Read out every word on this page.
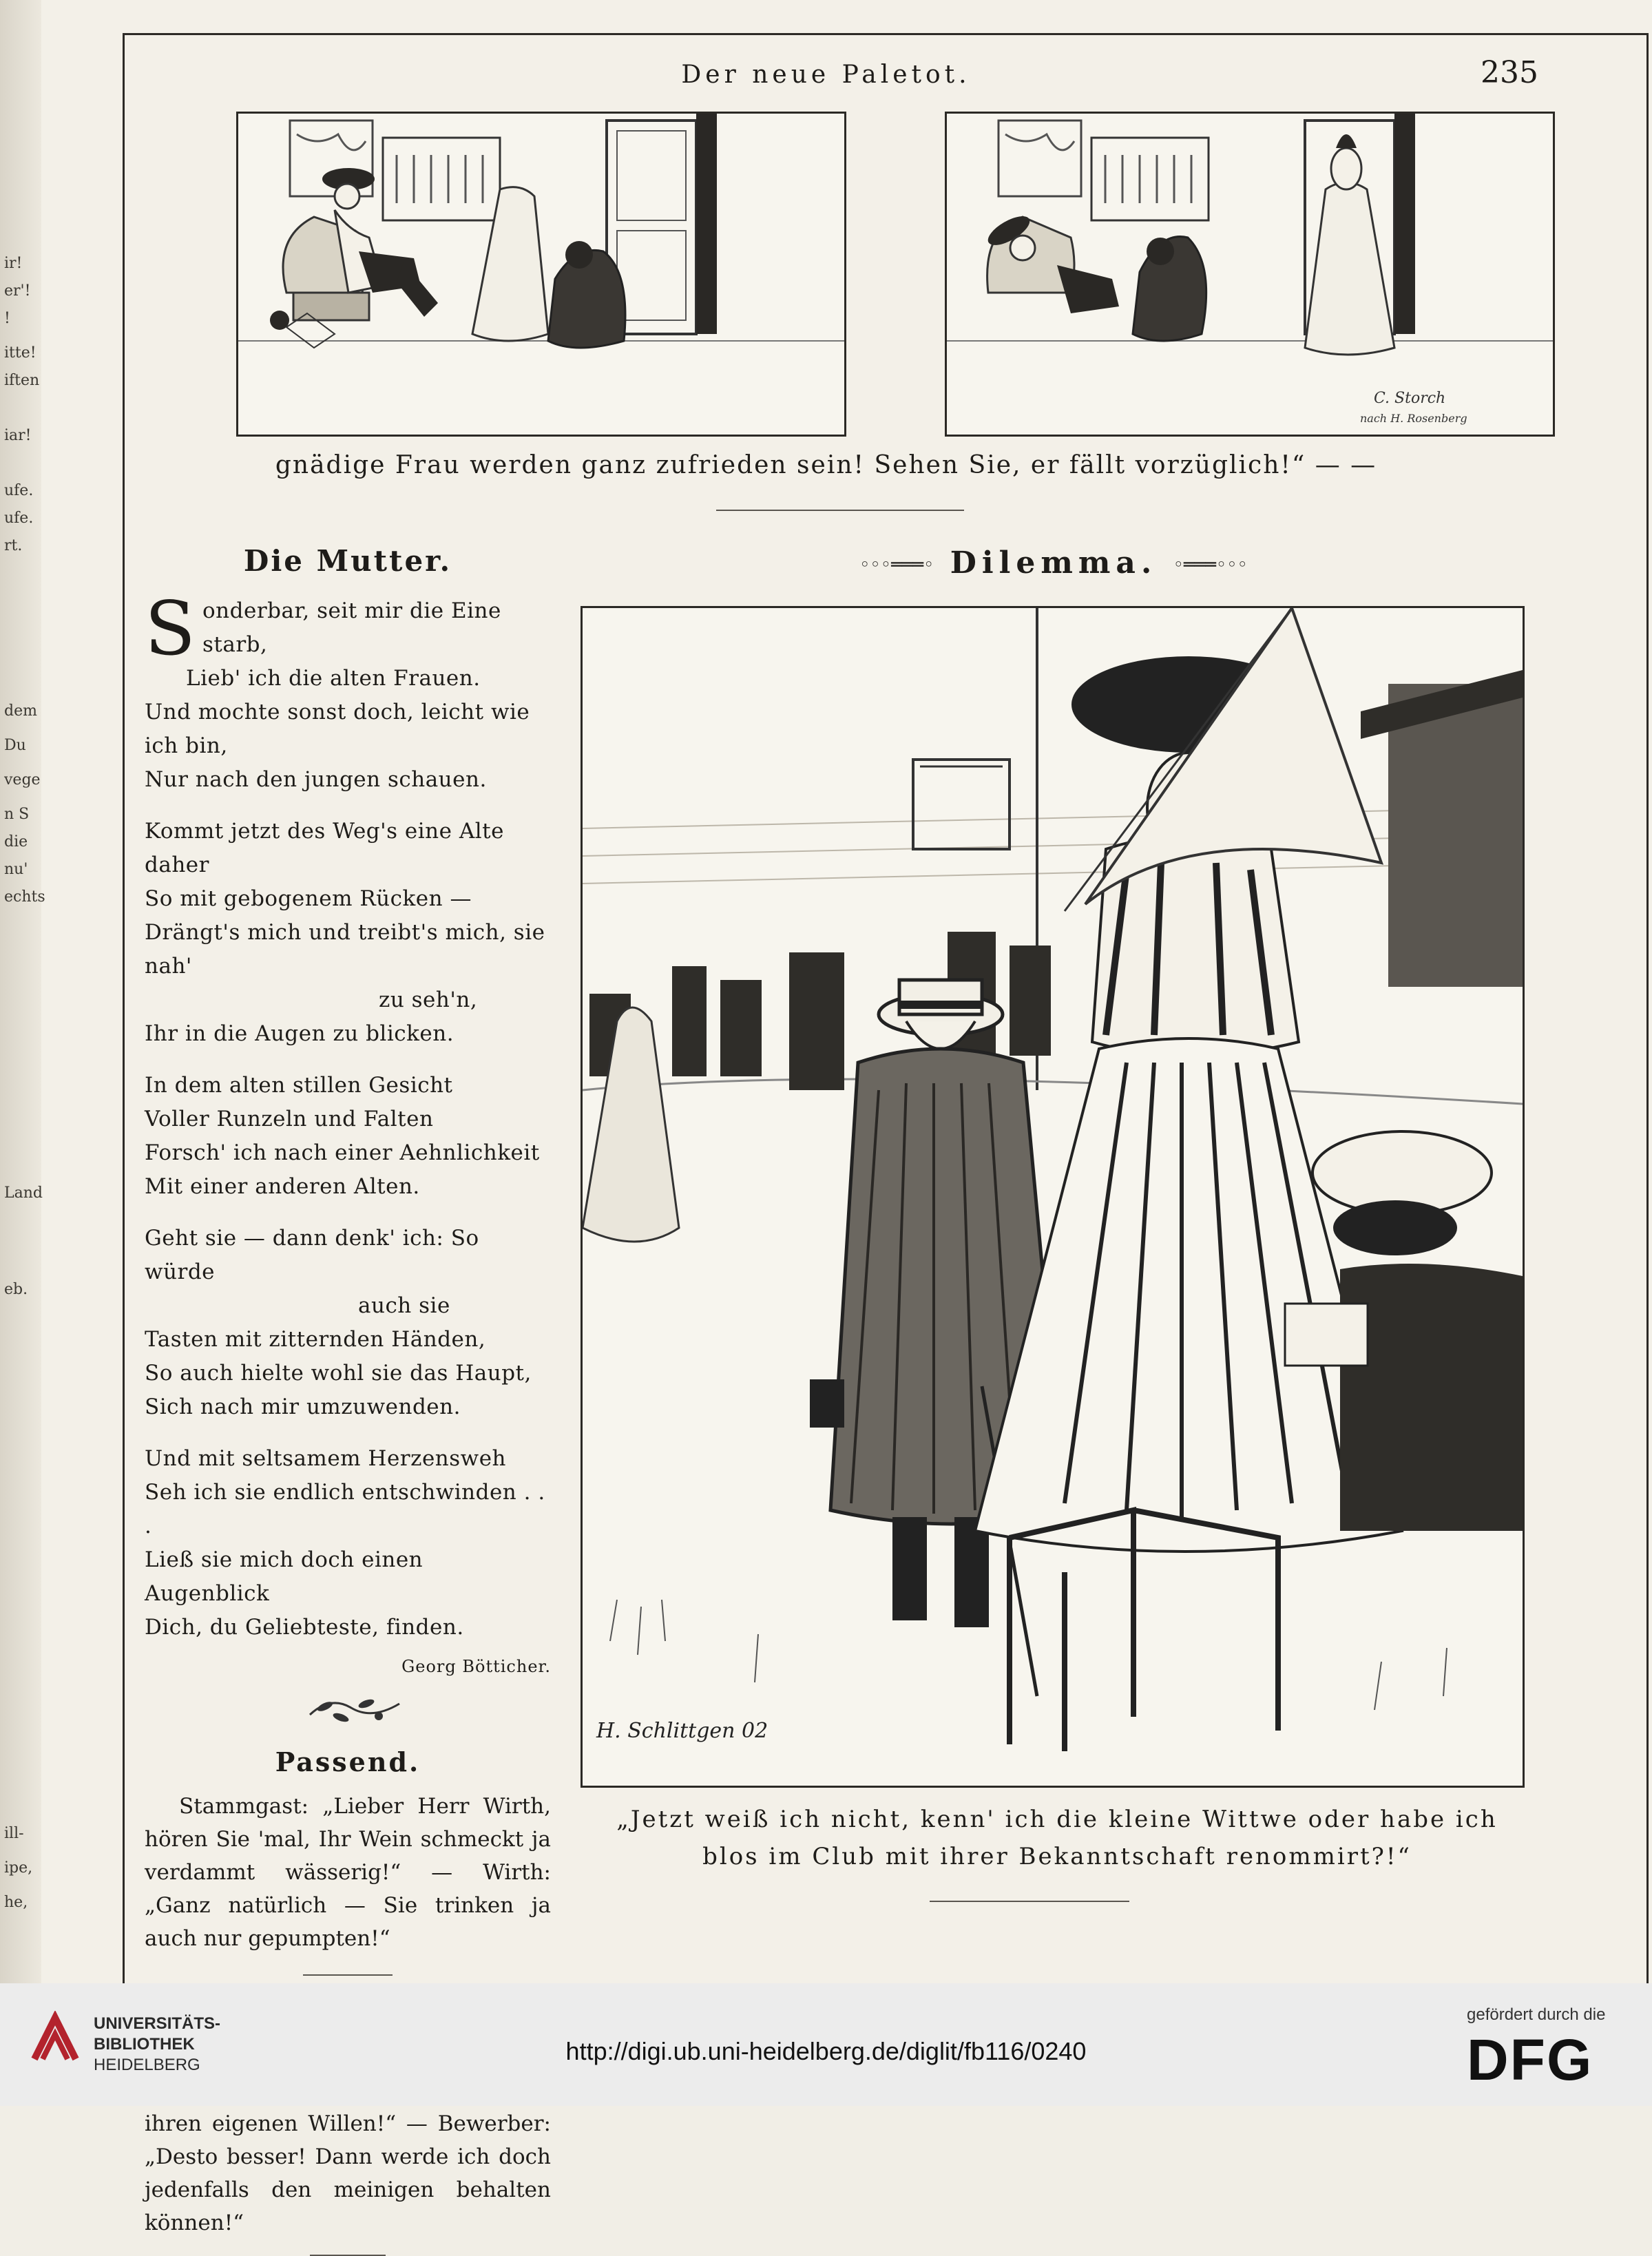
ir!
er'!
!
itte!
iften
iar!
ufe.
ufe.
rt.
dem
Du
vege
n S
die
nu'
echts
Land
eb.
ill-
ipe,
he,
Der neue Paletot.	235
C. Storch
nach H. Rosenberg
gnädige Frau werden ganz zufrieden sein! Sehen Sie, er fällt vorzüglich!“ — —
Die Mutter.
S onderbar, seit mir die Eine starb,

Lieb' ich die alten Frauen.

Und mochte sonst doch, leicht wie ich bin,

Nur nach den jungen schauen.

Kommt jetzt des Weg's eine Alte daher

So mit gebogenem Rücken —

Drängt's mich und treibt's mich, sie nah'

zu seh'n,

Ihr in die Augen zu blicken.

In dem alten stillen Gesicht

Voller Runzeln und Falten

Forsch' ich nach einer Aehnlichkeit

Mit einer anderen Alten.

Geht sie — dann denk' ich: So würde

auch sie

Tasten mit zitternden Händen,

So auch hielte wohl sie das Haupt,

Sich nach mir umzuwenden.

Und mit seltsamem Herzensweh

Seh ich sie endlich entschwinden . . .

Ließ sie mich doch einen Augenblick

Dich, du Geliebteste, finden.

Georg Bötticher.
Passend.

Stammgast: „Lieber Herr Wirth, hören Sie 'mal, Ihr Wein schmeckt ja verdammt wässerig!“ — Wirth: „Ganz natürlich — Sie trinken ja auch nur gepumpten!“

ihren eigenen Willen!“ — Bewerber: „Desto besser! Dann werde ich doch jedenfalls den meinigen behalten können!“

◦◦◦═══◦ Dilemma. ◦═══◦◦◦
H. Schlittgen 02
„Jetzt weiß ich nicht, kenn' ich die kleine Wittwe oder habe ich blos im Club mit ihrer Bekanntschaft renommirt?!“
UNIVERSITÄTS-
BIBLIOTHEK
HEIDELBERG	http://digi.ub.uni-heidelberg.de/diglit/fb116/0240
gefördert durch die
DFG
